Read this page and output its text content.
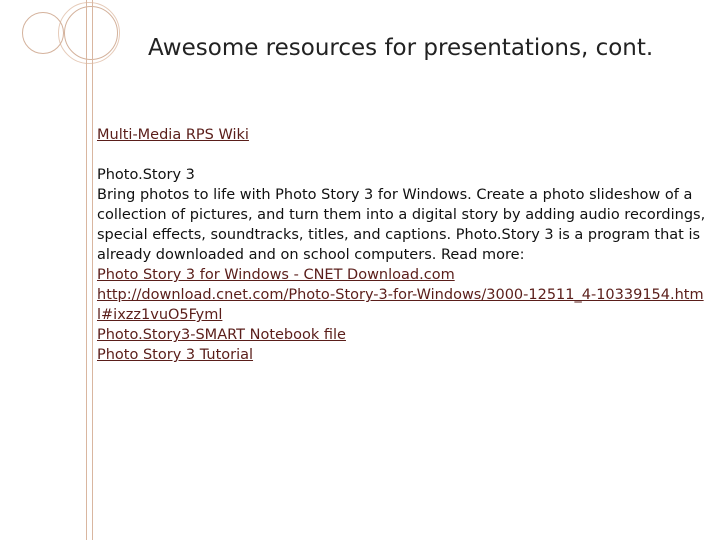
Awesome resources for presentations, cont.
Multi-Media RPS Wiki
Photo.Story 3
Bring photos to life with Photo Story 3 for Windows. Create a photo slideshow of a collection of pictures, and turn them into a digital story by adding audio recordings, special effects, soundtracks, titles, and captions. Photo.Story 3 is a program that is already downloaded and on school computers. Read more:
Photo Story 3 for Windows - CNET Download.com
http://download.cnet.com/Photo-Story-3-for-Windows/3000-12511_4-10339154.html#ixzz1vuO5Fyml
Photo.Story3-SMART Notebook file
Photo Story 3 Tutorial
